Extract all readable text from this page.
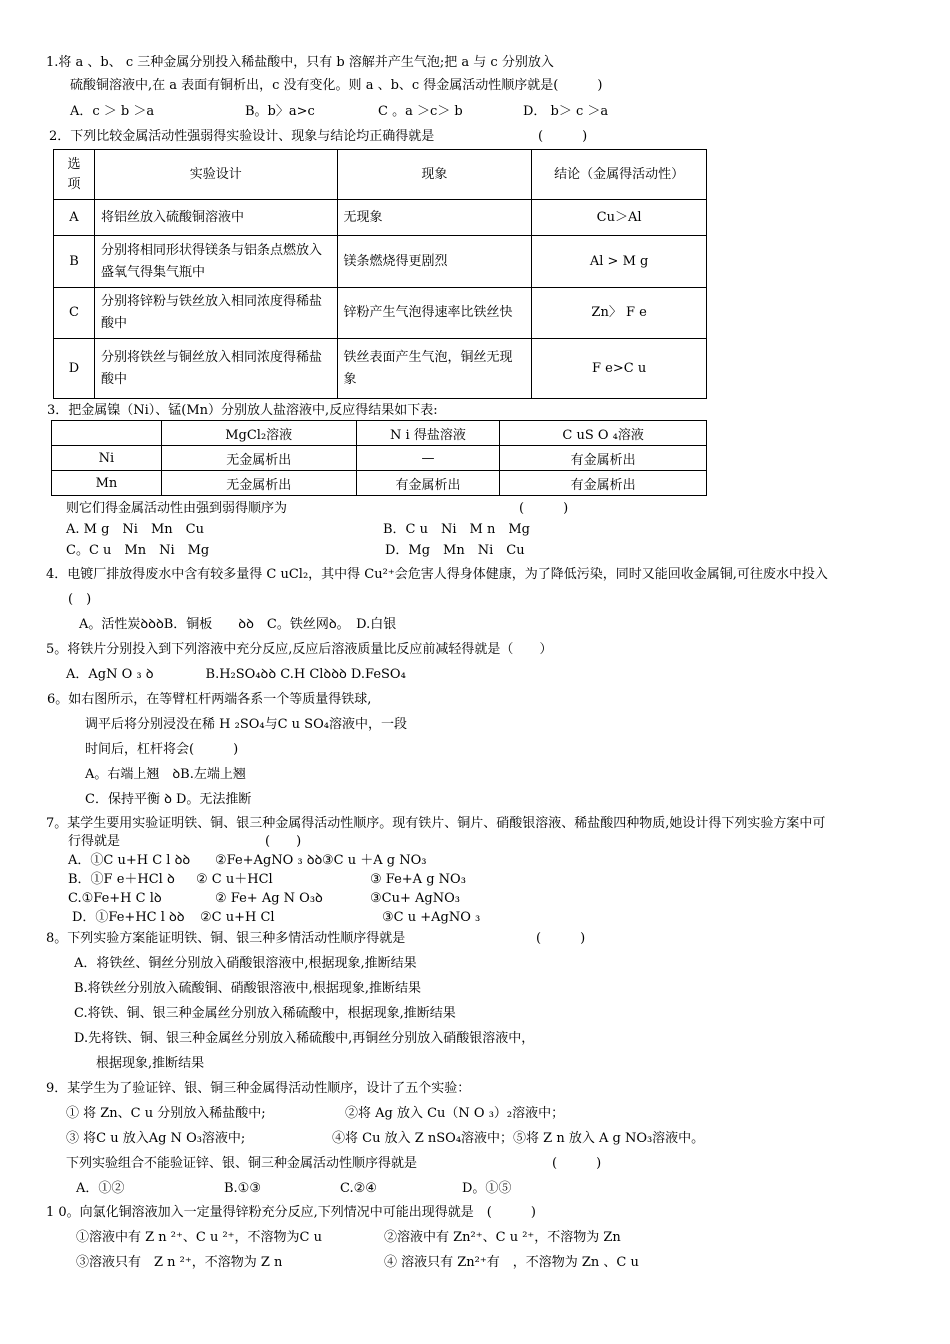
1.将 a 、b、 c 三种金属分别投入稀盐酸中，只有 b 溶解并产生气泡;把 a 与 c 分别放入
硫酸铜溶液中,在 a 表面有铜析出，c 没有变化。则 a 、b、c 得金属活动性顺序就是(　　　)
A．c ＞ b ＞a	B。b〉a>c	C 。a ＞c＞ b	D． b＞ c ＞a
2．下列比较金属活动性强弱得实验设计、现象与结论均正确得就是	(　　　)
选
项	实验设计	现象	结论（金属得活动性）
A	将铝丝放入硫酸铜溶液中	无现象	Cu＞Al
B	分别将相同形状得镁条与铝条点燃放入盛氧气得集气瓶中	镁条燃烧得更剧烈	Al > M g
C	分别将锌粉与铁丝放入相同浓度得稀盐酸中	锌粉产生气泡得速率比铁丝快	Zn〉 F e
D	分别将铁丝与铜丝放入相同浓度得稀盐酸中	铁丝表面产生气泡，铜丝无现象	F e>C u
3．把金属镍（Ni）、锰(Mn）分别放人盐溶液中,反应得结果如下表:
	MgCl₂溶液	N i 得盐溶液	C uS O ₄溶液
Ni	无金属析出	—	有金属析出
Mn	无金属析出	有金属析出	有金属析出
则它们得金属活动性由强到弱得顺序为	(　　　)
A. M g　Ni　Mn　Cu	B．C u　Ni　M n　Mg
C。C u　Mn　Ni　Mg	D．Mg　Mn　Ni　Cu
4．电镀厂排放得废水中含有较多量得 C uCl₂，其中得 Cu²⁺会危害人得身体健康，为了降低污染，同时又能回收金属铜,可往废水中投入
(　)
A。活性炭ꝺꝺꝺB．铜板　　ꝺꝺ　C。铁丝网ꝺ。　D.白银
5。将铁片分别投入到下列溶液中充分反应,反应后溶液质量比反应前减轻得就是（　　）
A．AgN O ₃ ꝺ　　　　B.H₂SO₄ꝺꝺ C.H Clꝺꝺꝺ D.FeSO₄
6。如右图所示，在等臂杠杆两端各系一个等质量得铁球,
调平后将分别浸没在稀 H ₂SO₄与C u SO₄溶液中，一段
时间后，杠杆将会(　　　)
A。右端上翘　ꝺB.左端上翘
C．保持平衡 ꝺ D。无法推断
7。某学生要用实验证明铁、铜、银三种金属得活动性顺序。现有铁片、铜片、硝酸银溶液、稀盐酸四种物质,她设计得下列实验方案中可
行得就是	(　　)
A．①C u+H C l ꝺꝺ ②Fe+AgNO ₃ ꝺꝺ ③C u ＋A g NO₃
B．①F e＋HCl ꝺ ② C u＋HCl	③ Fe+A g NO₃
C.①Fe+H C lꝺ	② Fe+ Ag N O₃ꝺ	③Cu+ AgNO₃
D．①Fe+HC l ꝺꝺ ②C u+H Cl	③C u +AgNO ₃
8。下列实验方案能证明铁、铜、银三种多情活动性顺序得就是	(　　　)
A．将铁丝、铜丝分别放入硝酸银溶液中,根据现象,推断结果
B.将铁丝分别放入硫酸铜、硝酸银溶液中,根据现象,推断结果
C.将铁、铜、银三种金属丝分别放入稀硫酸中，根据现象,推断结果
D.先将铁、铜、银三种金属丝分别放入稀硫酸中,再铜丝分别放入硝酸银溶液中，
根据现象,推断结果
9．某学生为了验证锌、银、铜三种金属得活动性顺序，设计了五个实验：
① 将 Zn、C u 分别放入稀盐酸中;	②将 Ag 放入 Cu（N O ₃）₂溶液中；
③ 将C u 放入Ag N O₃溶液中;	④将 Cu 放入 Z nSO₄溶液中；⑤将 Z n 放入 A g NO₃溶液中。
下列实验组合不能验证锌、银、铜三种金属活动性顺序得就是	(　　　)
A．①②	B.①③	C.②④	D。①⑤
1 0。向氯化铜溶液加入一定量得锌粉充分反应,下列情况中可能出现得就是　(　　　)
①溶液中有 Z n ²⁺、C u ²⁺，不溶物为C u	②溶液中有 Zn²⁺、C u ²⁺，不溶物为 Zn
③溶液只有　Z n ²⁺，不溶物为 Z n	④ 溶液只有 Zn²⁺有　，不溶物为 Zn 、C u
